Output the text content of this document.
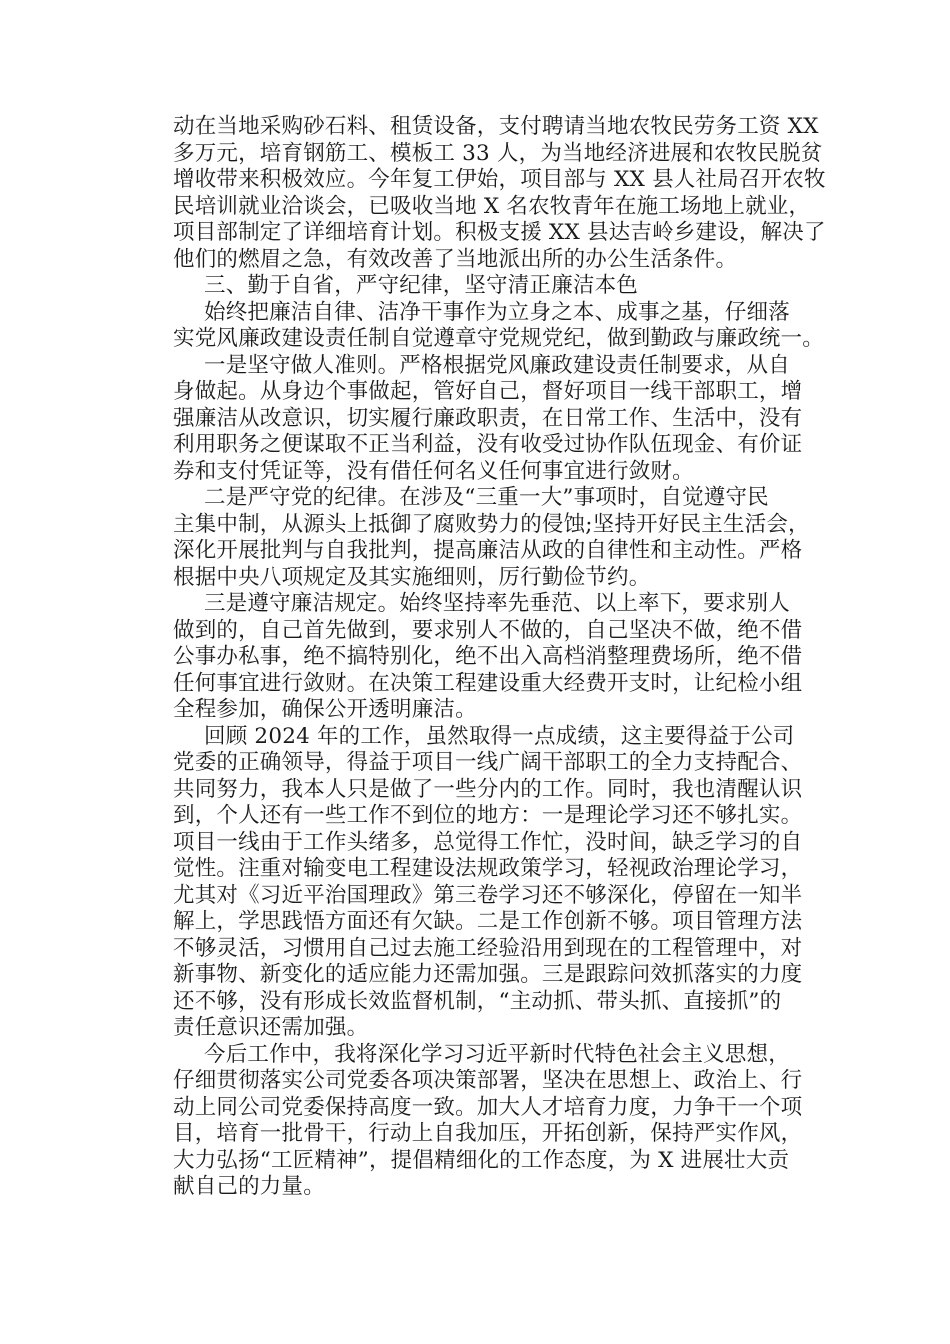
动在当地采购砂石料、租赁设备，支付聘请当地农牧民劳务工资 XX
多万元，培育钢筋工、模板工 33 人，为当地经济进展和农牧民脱贫
增收带来积极效应。今年复工伊始，项目部与 XX 县人社局召开农牧
民培训就业洽谈会，已吸收当地 X 名农牧青年在施工场地上就业，
项目部制定了详细培育计划。积极支援 XX 县达吉岭乡建设，解决了
他们的燃眉之急，有效改善了当地派出所的办公生活条件。
三、勤于自省，严守纪律，坚守清正廉洁本色
始终把廉洁自律、洁净干事作为立身之本、成事之基，仔细落
实党风廉政建设责任制自觉遵章守党规党纪，做到勤政与廉政统一。
一是坚守做人准则。严格根据党风廉政建设责任制要求，从自
身做起。从身边个事做起，管好自己，督好项目一线干部职工，增
强廉洁从改意识，切实履行廉政职责，在日常工作、生活中，没有
利用职务之便谋取不正当利益，没有收受过协作队伍现金、有价证
券和支付凭证等，没有借任何名义任何事宜进行敛财。
二是严守党的纪律。在涉及“三重一大”事项时，自觉遵守民
主集中制，从源头上抵御了腐败势力的侵蚀;坚持开好民主生活会，
深化开展批判与自我批判，提高廉洁从政的自律性和主动性。严格
根据中央八项规定及其实施细则，厉行勤俭节约。
三是遵守廉洁规定。始终坚持率先垂范、以上率下，要求别人
做到的，自己首先做到，要求别人不做的，自己坚决不做，绝不借
公事办私事，绝不搞特别化，绝不出入高档消整理费场所，绝不借
任何事宜进行敛财。在决策工程建设重大经费开支时，让纪检小组
全程参加，确保公开透明廉洁。
回顾 2024 年的工作，虽然取得一点成绩，这主要得益于公司
党委的正确领导，得益于项目一线广阔干部职工的全力支持配合、
共同努力，我本人只是做了一些分内的工作。同时，我也清醒认识
到，个人还有一些工作不到位的地方：一是理论学习还不够扎实。
项目一线由于工作头绪多，总觉得工作忙，没时间，缺乏学习的自
觉性。注重对输变电工程建设法规政策学习，轻视政治理论学习，
尤其对《习近平治国理政》第三卷学习还不够深化，停留在一知半
解上，学思践悟方面还有欠缺。二是工作创新不够。项目管理方法
不够灵活，习惯用自己过去施工经验沿用到现在的工程管理中，对
新事物、新变化的适应能力还需加强。三是跟踪问效抓落实的力度
还不够，没有形成长效监督机制，“主动抓、带头抓、直接抓”的
责任意识还需加强。
今后工作中，我将深化学习习近平新时代特色社会主义思想，
仔细贯彻落实公司党委各项决策部署，坚决在思想上、政治上、行
动上同公司党委保持高度一致。加大人才培育力度，力争干一个项
目，培育一批骨干，行动上自我加压，开拓创新，保持严实作风，
大力弘扬“工匠精神”，提倡精细化的工作态度，为 X 进展壮大贡
献自己的力量。
